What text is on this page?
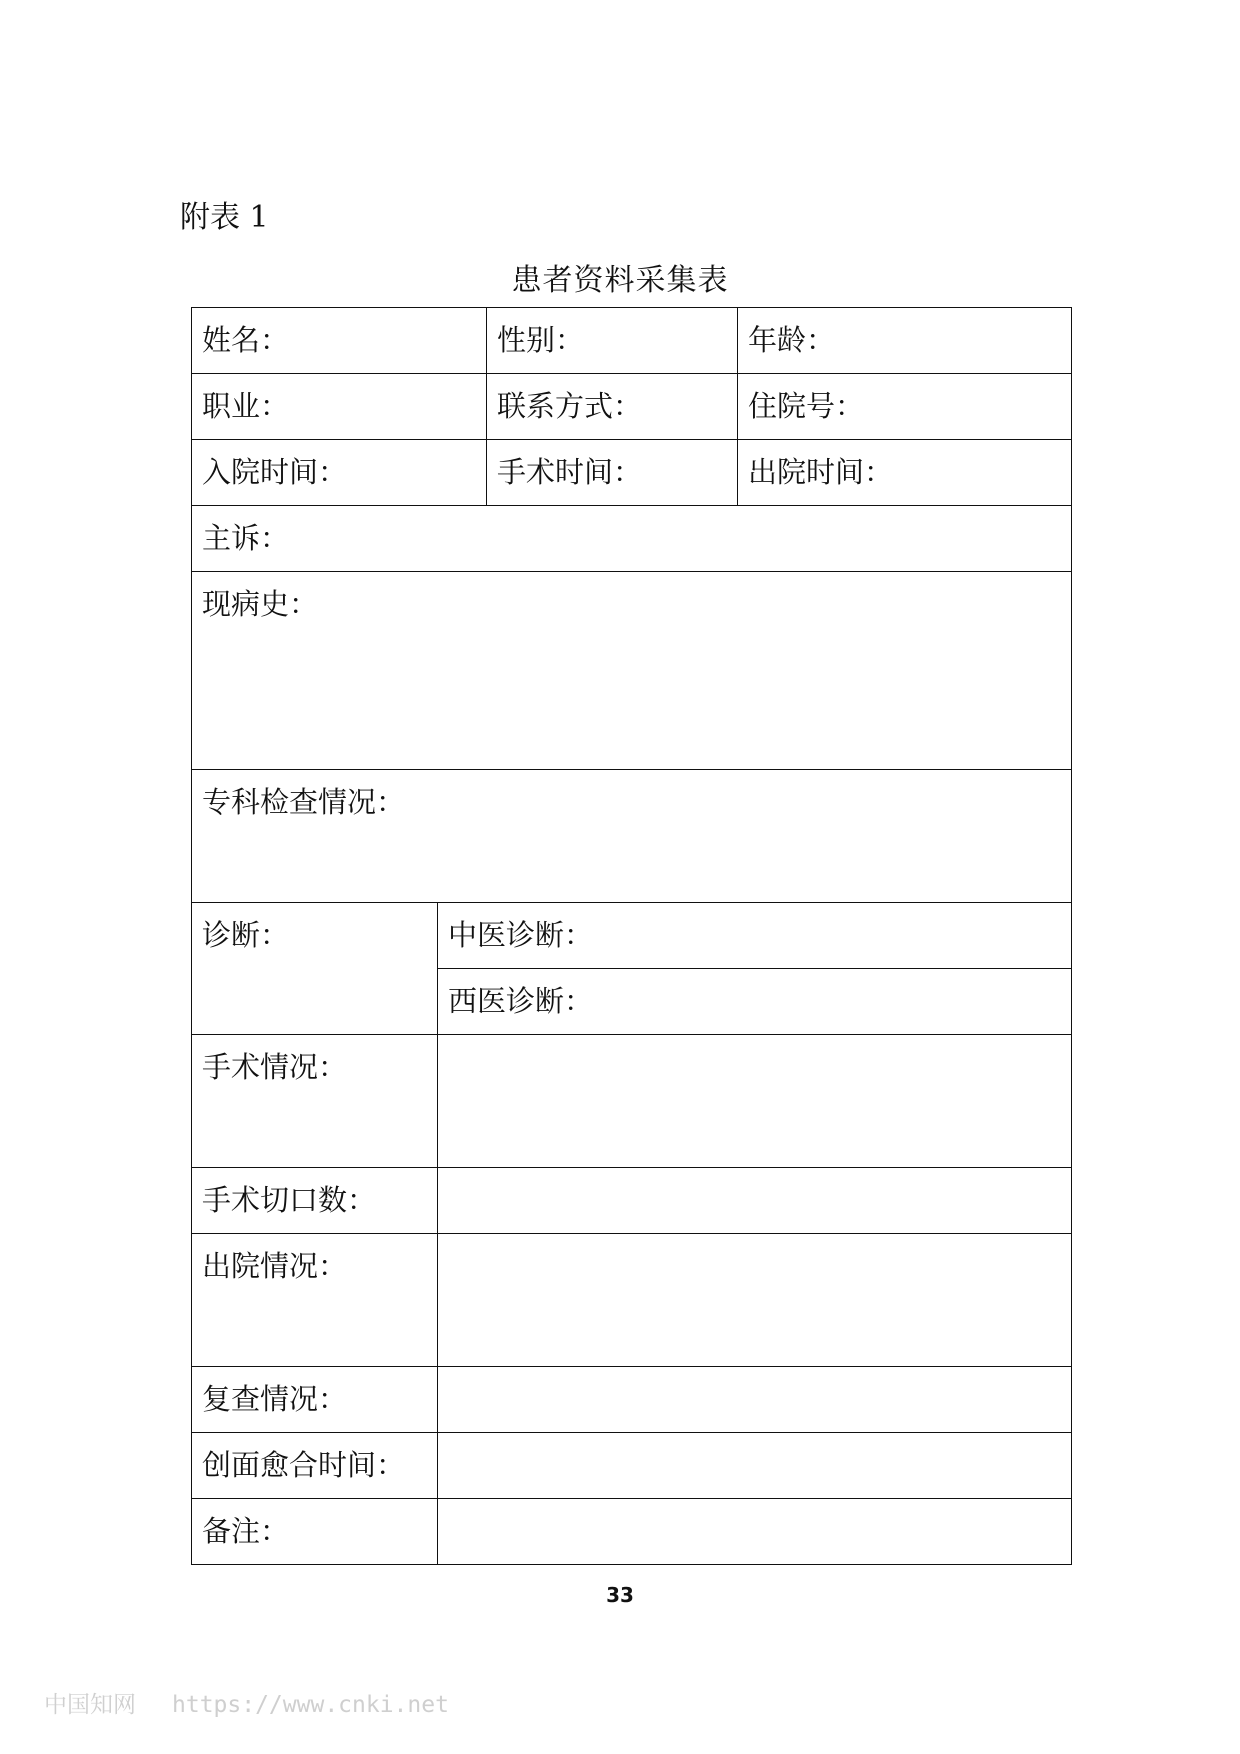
附表 1
患者资料采集表
姓名：		性别：	年龄：
职业：		联系方式：	住院号：
入院时间：		手术时间：	出院时间：
主诉：			
现病史：			
专科检查情况：			
诊断：	中医诊断：		
	西医诊断：		
手术情况：			
手术切口数：			
出院情况：			
复查情况：			
创面愈合时间：			
备注：			
33
中国知网 https://www.cnki.net
